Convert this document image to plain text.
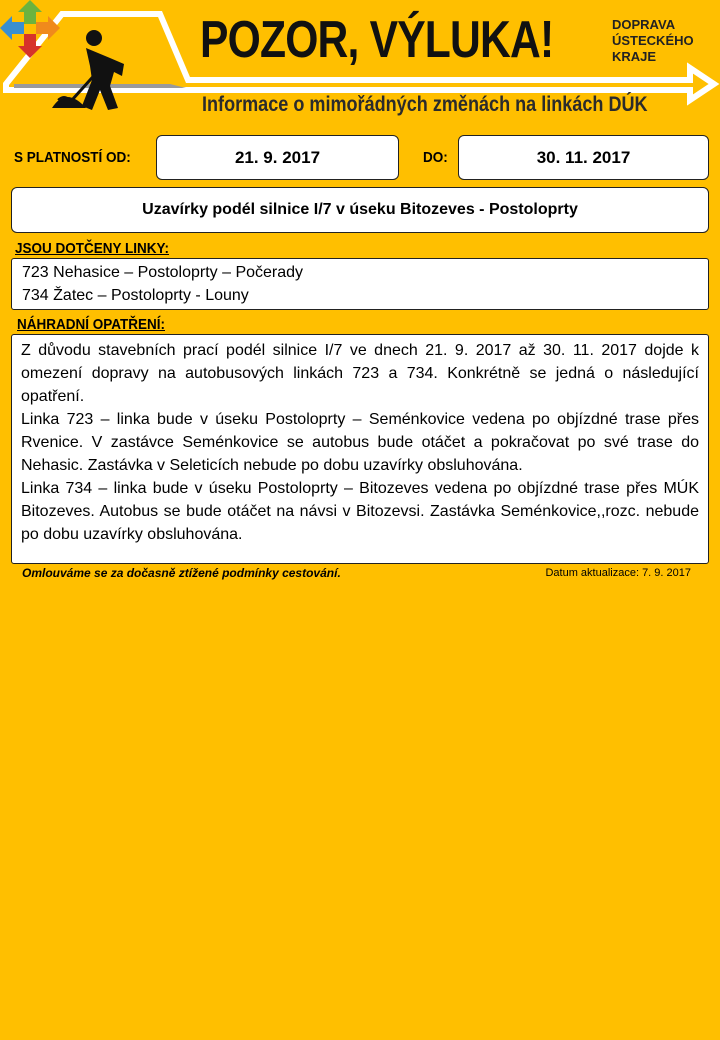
POZOR, VÝLUKA!
Informace o mimořádných změnách na linkách DÚK
DOPRAVA
ÚSTECKÉHO
KRAJE
S PLATNOSTÍ OD:	21. 9. 2017	DO:	30. 11. 2017
Uzavírky podél silnice I/7 v úseku Bitozeves - Postoloprty
JSOU DOTČENY LINKY:
723 Nehasice – Postoloprty – Počerady
734 Žatec – Postoloprty - Louny
NÁHRADNÍ OPATŘENÍ:

Z důvodu stavebních prací podél silnice I/7 ve dnech 21. 9. 2017 až 30. 11. 2017 dojde k omezení dopravy na autobusových linkách 723 a 734. Konkrétně se jedná o následující opatření.

Linka 723 – linka bude v úseku Postoloprty – Seménkovice vedena po objízdné trase přes Rvenice. V zastávce Seménkovice se autobus bude otáčet a pokračovat po své trase do Nehasic. Zastávka v Seleticích nebude po dobu uzavírky obsluhována.

Linka 734 – linka bude v úseku Postoloprty – Bitozeves vedena po objízdné trase přes MÚK Bitozeves. Autobus se bude otáčet na návsi v Bitozevsi. Zastávka Seménkovice,,rozc. nebude po dobu uzavírky obsluhována.

Omlouváme se za dočasně ztížené podmínky cestování.	Datum aktualizace: 7. 9. 2017
